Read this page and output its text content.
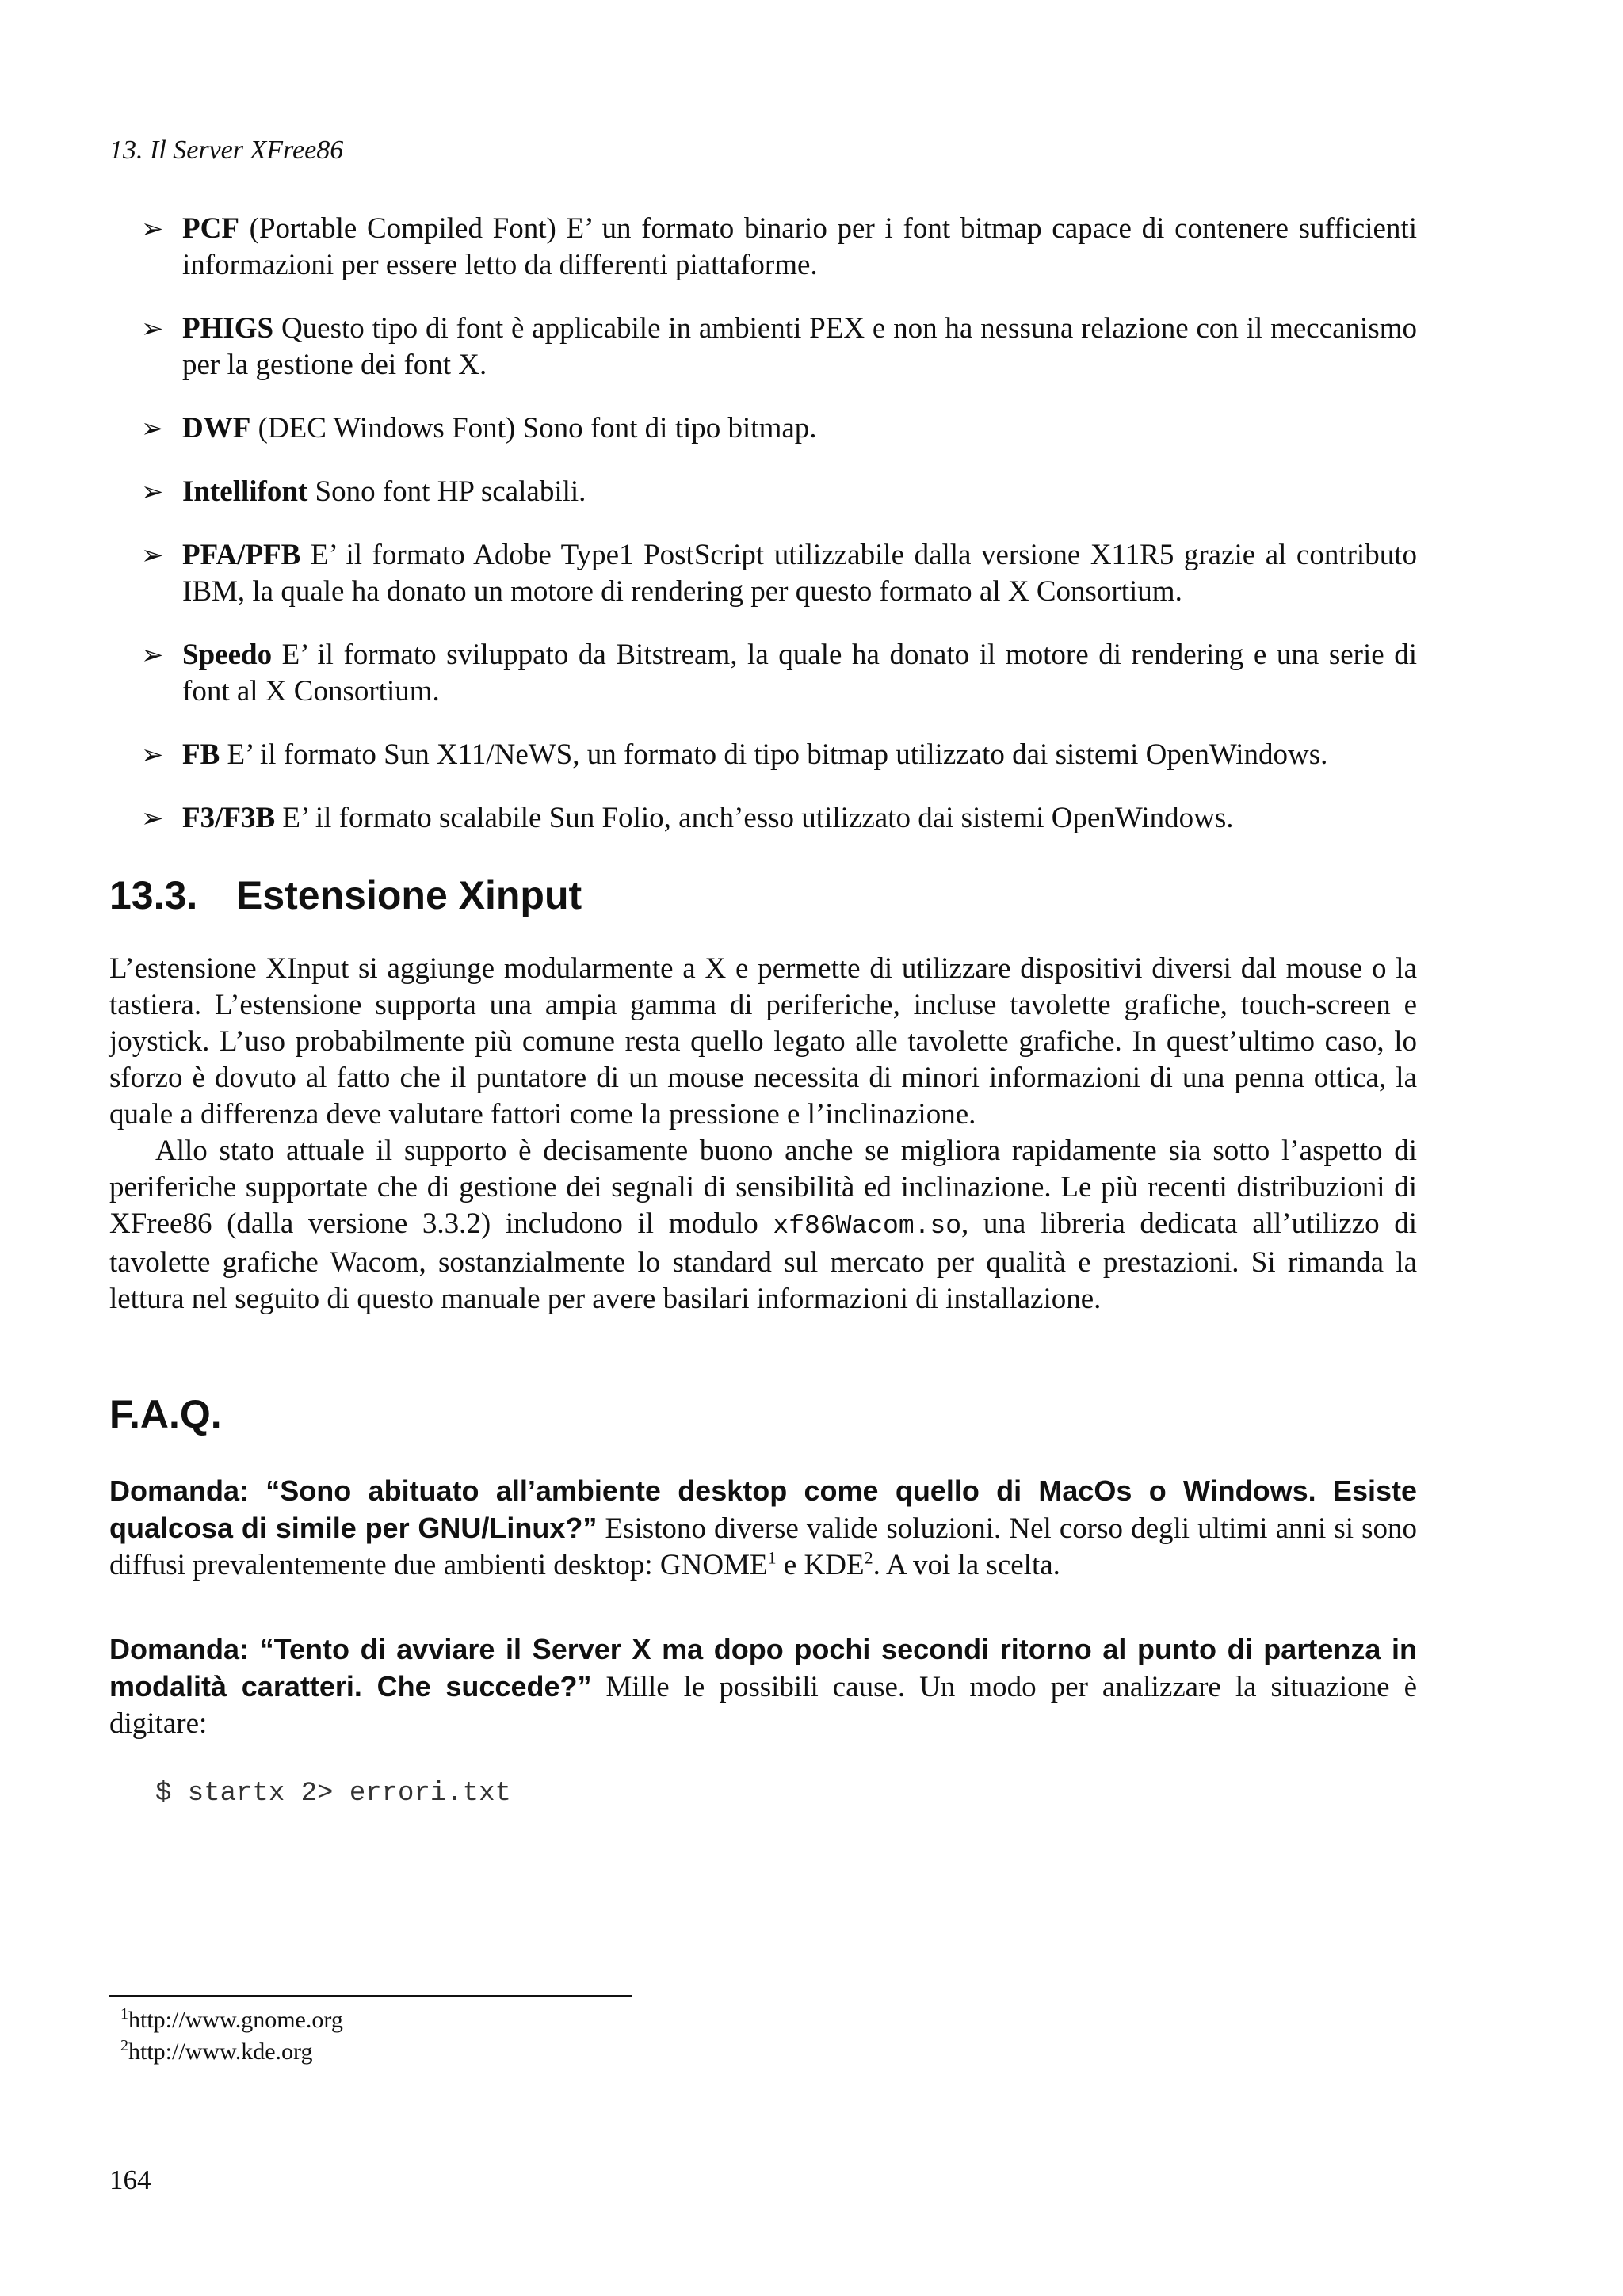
13. Il Server XFree86
➢ PCF (Portable Compiled Font) E’ un formato binario per i font bitmap capace di contenere sufficienti informazioni per essere letto da differenti piattaforme.
➢ PHIGS Questo tipo di font è applicabile in ambienti PEX e non ha nessuna relazione con il meccanismo per la gestione dei font X.
➢ DWF (DEC Windows Font) Sono font di tipo bitmap.
➢ Intellifont Sono font HP scalabili.
➢ PFA/PFB E’ il formato Adobe Type1 PostScript utilizzabile dalla versione X11R5 grazie al contributo IBM, la quale ha donato un motore di rendering per questo formato al X Consortium.
➢ Speedo E’ il formato sviluppato da Bitstream, la quale ha donato il motore di rendering e una serie di font al X Consortium.
➢ FB E’ il formato Sun X11/NeWS, un formato di tipo bitmap utilizzato dai sistemi OpenWindows.
➢ F3/F3B E’ il formato scalabile Sun Folio, anch’esso utilizzato dai sistemi OpenWindows.
13.3. Estensione Xinput

L’estensione XInput si aggiunge modularmente a X e permette di utilizzare dispositivi diversi dal mouse o la tastiera. L’estensione supporta una ampia gamma di periferiche, incluse tavolette grafiche, touch-screen e joystick. L’uso probabilmente più comune resta quello legato alle tavolette grafiche. In quest’ultimo caso, lo sforzo è dovuto al fatto che il puntatore di un mouse necessita di minori informazioni di una penna ottica, la quale a differenza deve valutare fattori come la pressione e l’inclinazione.

Allo stato attuale il supporto è decisamente buono anche se migliora rapidamente sia sotto l’aspetto di periferiche supportate che di gestione dei segnali di sensibilità ed inclinazione. Le più recenti distribuzioni di XFree86 (dalla versione 3.3.2) includono il modulo xf86Wacom.so, una libreria dedicata all’utilizzo di tavolette grafiche Wacom, sostanzialmente lo standard sul mercato per qualità e prestazioni. Si rimanda la lettura nel seguito di questo manuale per avere basilari informazioni di installazione.

F.A.Q.

Domanda: “Sono abituato all’ambiente desktop come quello di MacOs o Windows. Esiste qualcosa di simile per GNU/Linux?” Esistono diverse valide soluzioni. Nel corso degli ultimi anni si sono diffusi prevalentemente due ambienti desktop: GNOME$^1$ e KDE$^2$. A voi la scelta.

Domanda: “Tento di avviare il Server X ma dopo pochi secondi ritorno al punto di partenza in modalità caratteri. Che succede?” Mille le possibili cause. Un modo per analizzare la situazione è digitare:

$ startx 2> errori.txt
$^1$http://www.gnome.org
$^2$http://www.kde.org
164
